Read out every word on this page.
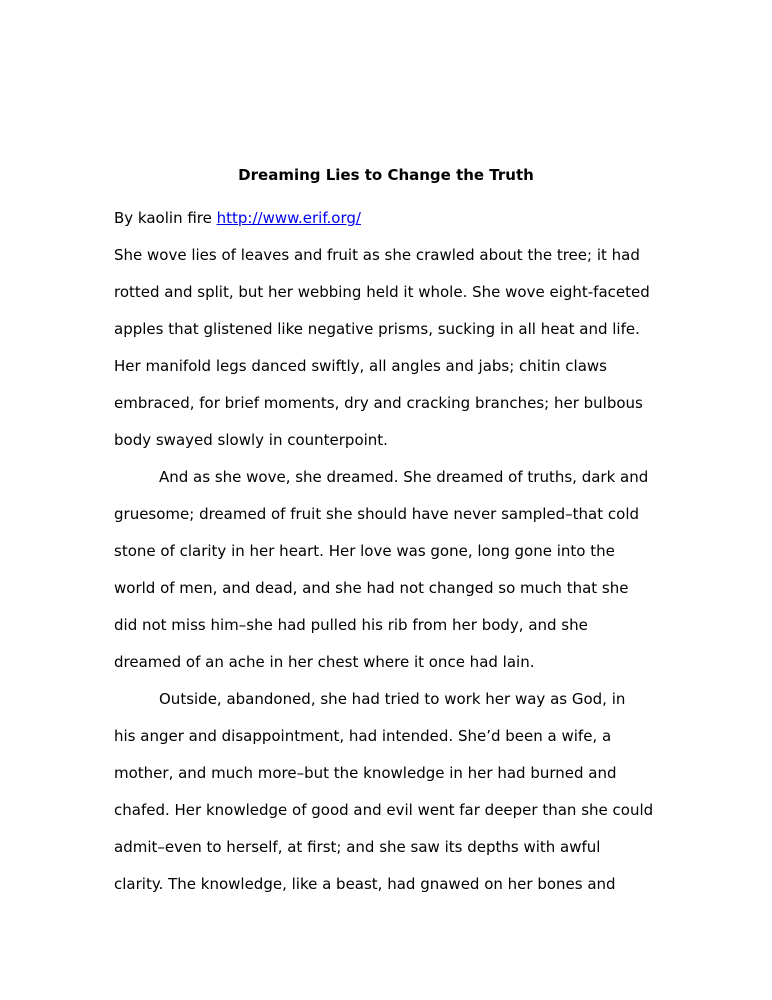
Dreaming Lies to Change the Truth
By kaolin fire http://www.erif.org/

She wove lies of leaves and fruit as she crawled about the tree; it had
rotted and split, but her webbing held it whole. She wove eight-faceted
apples that glistened like negative prisms, sucking in all heat and life.
Her manifold legs danced swiftly, all angles and jabs; chitin claws
embraced, for brief moments, dry and cracking branches; her bulbous
body swayed slowly in counterpoint.

And as she wove, she dreamed. She dreamed of truths, dark and
gruesome; dreamed of fruit she should have never sampled–that cold
stone of clarity in her heart. Her love was gone, long gone into the
world of men, and dead, and she had not changed so much that she
did not miss him–she had pulled his rib from her body, and she
dreamed of an ache in her chest where it once had lain.

Outside, abandoned, she had tried to work her way as God, in
his anger and disappointment, had intended. She’d been a wife, a
mother, and much more–but the knowledge in her had burned and
chafed. Her knowledge of good and evil went far deeper than she could
admit–even to herself, at first; and she saw its depths with awful
clarity. The knowledge, like a beast, had gnawed on her bones and
